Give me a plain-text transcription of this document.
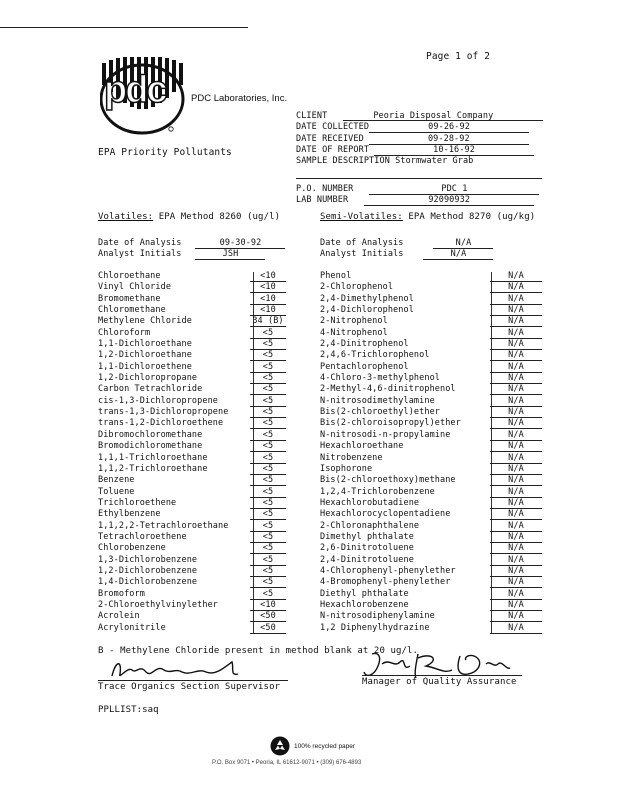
Page 1 of 2
pdc	PDC Laboratories, Inc.
EPA Priority Pollutants
CLIENT	Peoria Disposal Company
DATE COLLECTED	09-26-92
DATE RECEIVED	09-28-92
DATE OF REPORT	10-16-92
SAMPLE DESCRIPTION Stormwater Grab
P.O. NUMBER	PDC 1
LAB NUMBER	92090932
Volatiles: EPA Method 8260 (ug/l)
Date of Analysis	09-30-92
Analyst Initials	JSH
Semi-Volatiles: EPA Method 8270 (ug/kg)
Date of Analysis	N/A
Analyst Initials	N/A
Chloroethane	<10
Vinyl Chloride	<10
Bromomethane	<10
Chloromethane	<10
Methylene Chloride	34 (B)
Chloroform	<5
1,1-Dichloroethane	<5
1,2-Dichloroethane	<5
1,1-Dichloroethene	<5
1,2-Dichloropropane	<5
Carbon Tetrachloride	<5
cis-1,3-Dichloropropene	<5
trans-1,3-Dichloropropene	<5
trans-1,2-Dichloroethene	<5
Dibromochloromethane	<5
Bromodichloromethane	<5
1,1,1-Trichloroethane	<5
1,1,2-Trichloroethane	<5
Benzene	<5
Toluene	<5
Trichloroethene	<5
Ethylbenzene	<5
1,1,2,2-Tetrachloroethane	<5
Tetrachloroethene	<5
Chlorobenzene	<5
1,3-Dichlorobenzene	<5
1,2-Dichlorobenzene	<5
1,4-Dichlorobenzene	<5
Bromoform	<5
2-Chloroethylvinylether	<10
Acrolein	<50
Acrylonitrile	<50
Phenol	N/A
2-Chlorophenol	N/A
2,4-Dimethylphenol	N/A
2,4-Dichlorophenol	N/A
2-Nitrophenol	N/A
4-Nitrophenol	N/A
2,4-Dinitrophenol	N/A
2,4,6-Trichlorophenol	N/A
Pentachlorophenol	N/A
4-Chloro-3-methylphenol	N/A
2-Methyl-4,6-dinitrophenol	N/A
N-nitrosodimethylamine	N/A
Bis(2-chloroethyl)ether	N/A
Bis(2-chloroisopropyl)ether	N/A
N-nitrosodi-n-propylamine	N/A
Hexachloroethane	N/A
Nitrobenzene	N/A
Isophorone	N/A
Bis(2-chloroethoxy)methane	N/A
1,2,4-Trichlorobenzene	N/A
Hexachlorobutadiene	N/A
Hexachlorocyclopentadiene	N/A
2-Chloronaphthalene	N/A
Dimethyl phthalate	N/A
2,6-Dinitrotoluene	N/A
2,4-Dinitrotoluene	N/A
4-Chlorophenyl-phenylether	N/A
4-Bromophenyl-phenylether	N/A
Diethyl phthalate	N/A
Hexachlorobenzene	N/A
N-nitrosodiphenylamine	N/A
1,2 Diphenylhydrazine	N/A
B - Methylene Chloride present in method blank at 20 ug/l.
Trace Organics Section Supervisor	Manager of Quality Assurance
PPLLIST:saq
100% recycled paper
P.O. Box 9071 • Peoria, IL 61612-9071 • (309) 676-4893
